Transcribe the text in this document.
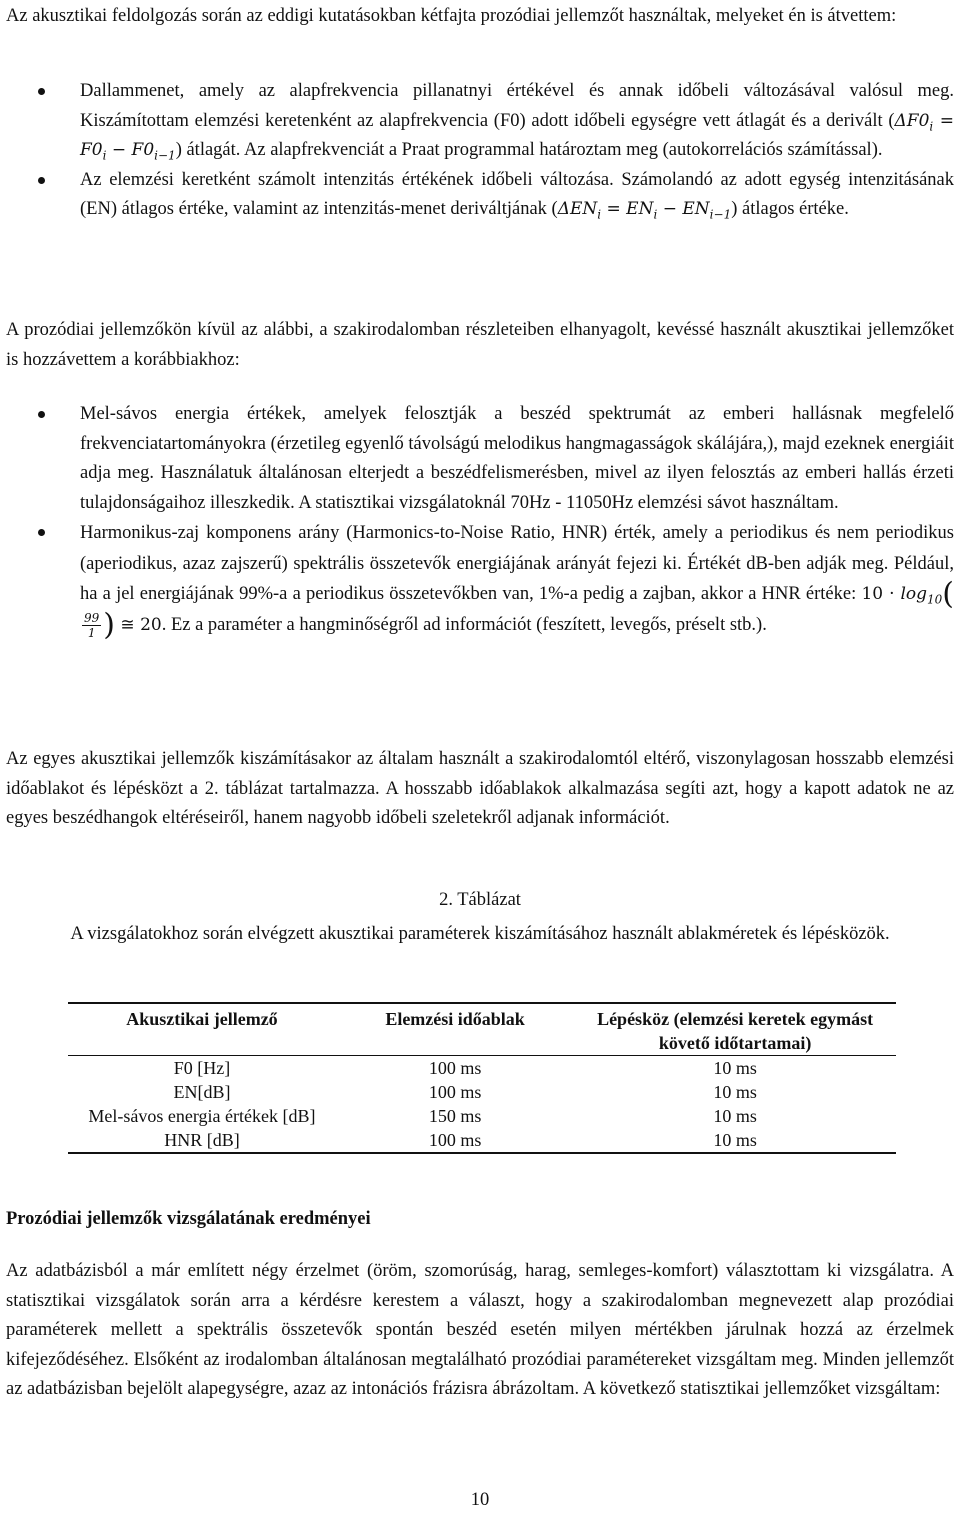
Az akusztikai feldolgozás során az eddigi kutatásokban kétfajta prozódiai jellemzőt használtak, melyeket én is átvettem:

Dallammenet, amely az alapfrekvencia pillanatnyi értékével és annak időbeli változásával valósul meg. Kiszámítottam elemzési keretenként az alapfrekvencia (F0) adott időbeli egységre vett átlagát és a derivált $(\Delta F0_i = F0_i - F0_{i-1})$ átlagát. Az alapfrekvenciát a Praat programmal határoztam meg (autokorrelációs számítással).
Az elemzési keretként számolt intenzitás értékének időbeli változása. Számolandó az adott egység intenzitásának (EN) átlagos értéke, valamint az intenzitás-menet deriváltjának $(\Delta EN_i = EN_i - EN_{i-1})$ átlagos értéke.

A prozódiai jellemzőkön kívül az alábbi, a szakirodalomban részleteiben elhanyagolt, kevéssé használt akusztikai jellemzőket is hozzávettem a korábbiakhoz:

Mel-sávos energia értékek, amelyek felosztják a beszéd spektrumát az emberi hallásnak megfelelő frekvenciatartományokra (érzetileg egyenlő távolságú melodikus hangmagasságok skálájára,), majd ezeknek energiáit adja meg. Használatuk általánosan elterjedt a beszédfelismerésben, mivel az ilyen felosztás az emberi hallás érzeti tulajdonságaihoz illeszkedik. A statisztikai vizsgálatoknál 70Hz - 11050Hz elemzési sávot használtam.
Harmonikus-zaj komponens arány (Harmonics-to-Noise Ratio, HNR) érték, amely a periodikus és nem periodikus (aperiodikus, azaz zajszerű) spektrális összetevők energiájának arányát fejezi ki. Értékét dB-ben adják meg. Például, ha a jel energiájának 99%-a a periodikus összetevőkben van, 1%-a pedig a zajban, akkor a HNR értéke: $10 \cdot \log_{10}$(
$\frac{99}{1}$ ) ≅ 20. Ez a paraméter a hangminőségről ad információt (feszített, levegős, préselt stb.).

Az egyes akusztikai jellemzők kiszámításakor az általam használt a szakirodalomtól eltérő, viszonylagosan hosszabb elemzési időablakot és lépésközt a 2. táblázat tartalmazza. A hosszabb időablakok alkalmazása segíti azt, hogy a kapott adatok ne az egyes beszédhangok eltéréseiről, hanem nagyobb időbeli szeletekről adjanak információt.

2. Táblázat
A vizsgálatokhoz során elvégzett akusztikai paraméterek kiszámításához használt ablakméretek és lépésközök.
Akusztikai jellemző	Elemzési időablak	Lépésköz (elemzési keretek egymást követő időtartamai)
F0 [Hz]	100 ms	10 ms
EN[dB]	100 ms	10 ms
Mel-sávos energia értékek [dB]	150 ms	10 ms
HNR [dB]	100 ms	10 ms
Prozódiai jellemzők vizsgálatának eredményei

Az adatbázisból a már említett négy érzelmet (öröm, szomorúság, harag, semleges-komfort) választottam ki vizsgálatra. A statisztikai vizsgálatok során arra a kérdésre kerestem a választ, hogy a szakirodalomban megnevezett alap prozódiai paraméterek mellett a spektrális összetevők spontán beszéd esetén milyen mértékben járulnak hozzá az érzelmek kifejeződéséhez. Elsőként az irodalomban általánosan megtalálható prozódiai paramétereket vizsgáltam meg. Minden jellemzőt az adatbázisban bejelölt alapegységre, azaz az intonációs frázisra ábrázoltam. A következő statisztikai jellemzőket vizsgáltam:

10
